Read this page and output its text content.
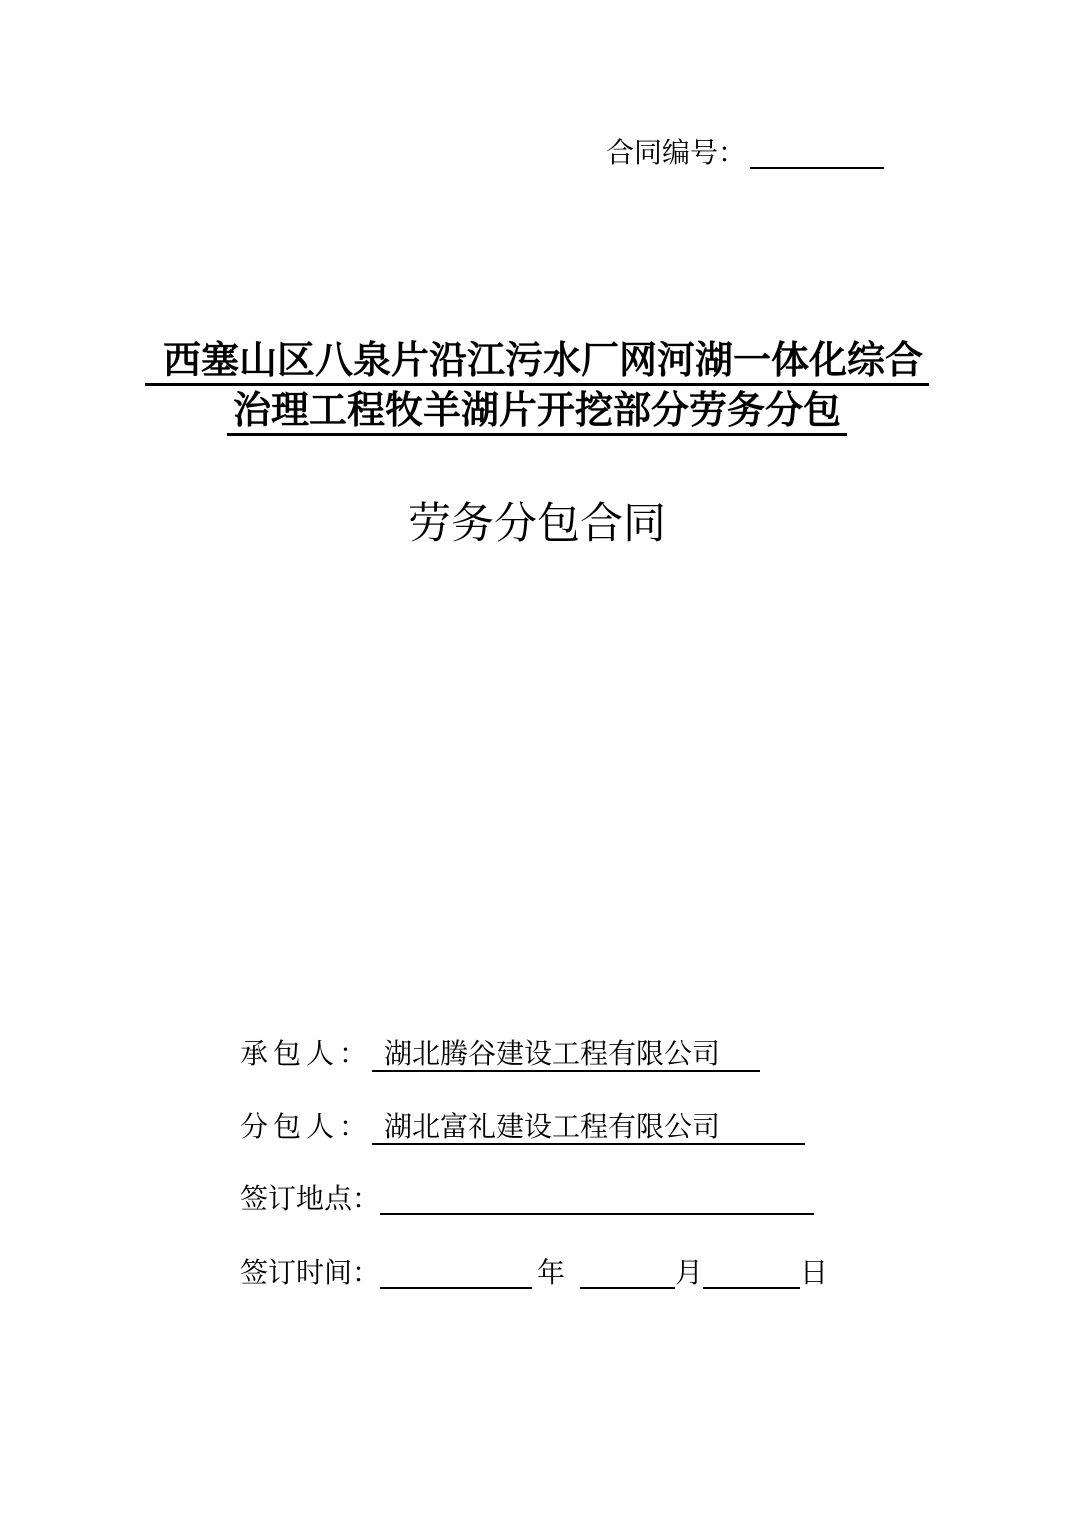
合同编号：
西塞山区八泉片沿江污水厂网河湖一体化综合
治理工程牧羊湖片开挖部分劳务分包
劳务分包合同
承包人： 湖北腾谷建设工程有限公司
分包人： 湖北富礼建设工程有限公司
签订地点：
签订时间：	年	月	日
